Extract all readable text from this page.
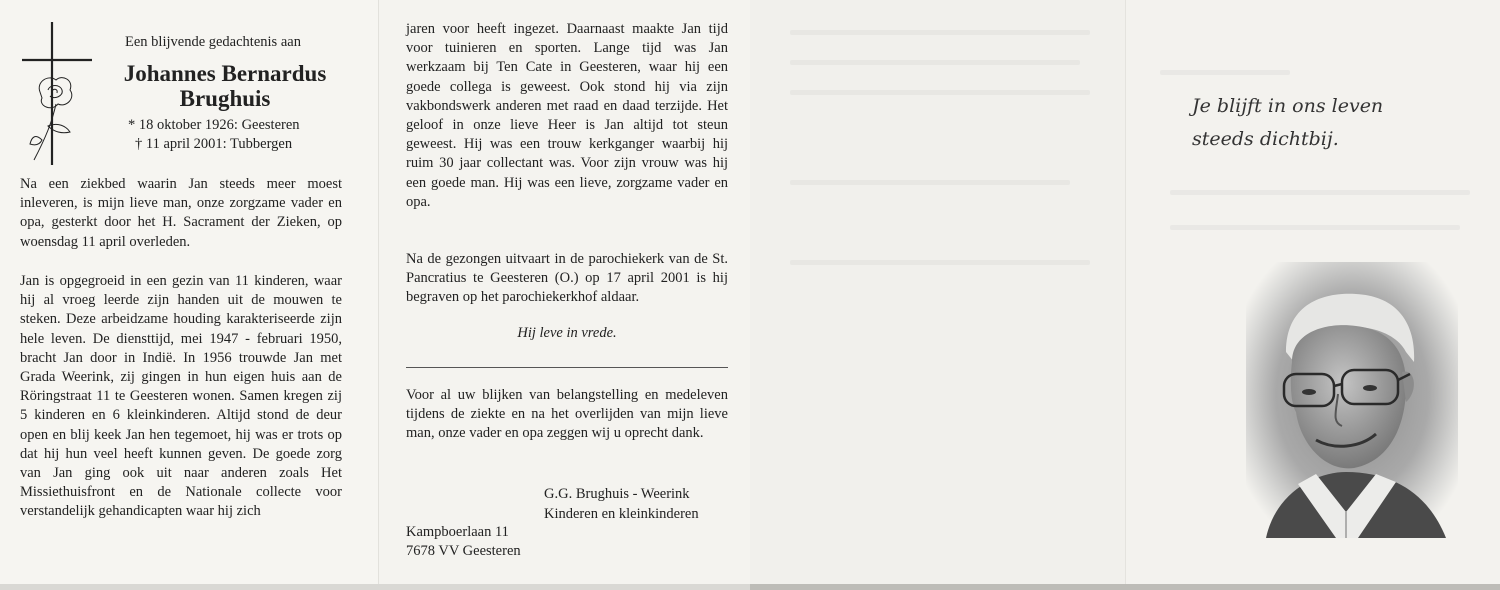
Een blijvende gedachtenis aan
Johannes Bernardus
Brughuis
* 18 oktober 1926: Geesteren
† 11 april 2001: Tubbergen

Na een ziekbed waarin Jan steeds meer moest inleveren, is mijn lieve man, onze zorgzame vader en opa, gesterkt door het H. Sacrament der Zieken, op woensdag 11 april overleden.

Jan is opgegroeid in een gezin van 11 kinderen, waar hij al vroeg leerde zijn handen uit de mouwen te steken. Deze arbeidzame houding karakteriseerde zijn hele leven. De diensttijd, mei 1947 - februari 1950, bracht Jan door in Indië. In 1956 trouwde Jan met Grada Weerink, zij gingen in hun eigen huis aan de Röringstraat 11 te Geesteren wonen. Samen kregen zij 5 kinderen en 6 kleinkinderen. Altijd stond de deur open en blij keek Jan hen tegemoet, hij was er trots op dat hij hun veel heeft kunnen geven. De goede zorg van Jan ging ook uit naar anderen zoals Het Missiethuisfront en de Nationale collecte voor verstandelijk gehandicapten waar hij zich

jaren voor heeft ingezet. Daarnaast maakte Jan tijd voor tuinieren en sporten. Lange tijd was Jan werkzaam bij Ten Cate in Geesteren, waar hij een goede collega is geweest. Ook stond hij via zijn vakbondswerk anderen met raad en daad terzijde. Het geloof in onze lieve Heer is Jan altijd tot steun geweest. Hij was een trouw kerkganger waarbij hij ruim 30 jaar collectant was. Voor zijn vrouw was hij een goede man. Hij was een lieve, zorgzame vader en opa.

Na de gezongen uitvaart in de parochiekerk van de St. Pancratius te Geesteren (O.) op 17 april 2001 is hij begraven op het parochiekerkhof aldaar.

Hij leve in vrede.

Voor al uw blijken van belangstelling en medeleven tijdens de ziekte en na het overlijden van mijn lieve man, onze vader en opa zeggen wij u oprecht dank.

G.G. Brughuis - Weerink
Kinderen en kleinkinderen
Kampboerlaan 11
7678 VV Geesteren
Je blijft in ons leven
steeds dichtbij.
